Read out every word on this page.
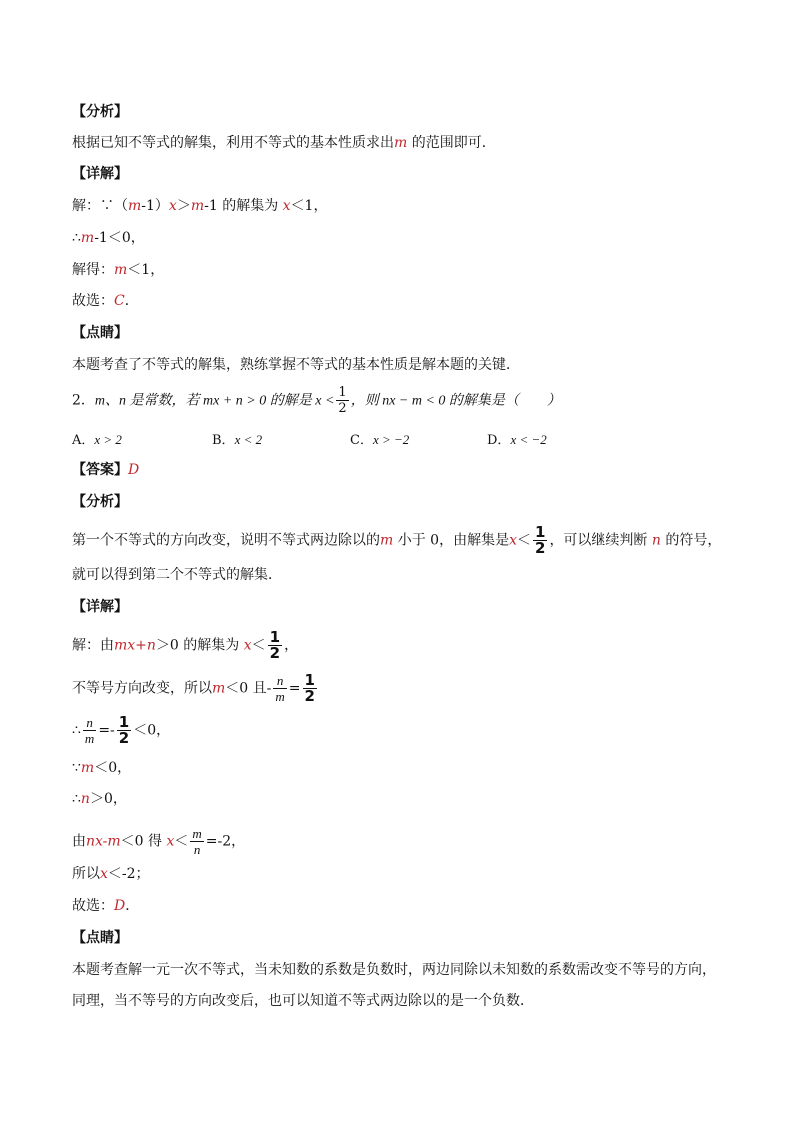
【分析】
根据已知不等式的解集，利用不等式的基本性质求出m 的范围即可．
【详解】
解：∵（m-1）x＞m-1 的解集为 x＜1，
∴m-1＜0，
解得：m＜1，
故选：C．
【点睛】
本题考查了不等式的解集，熟练掌握不等式的基本性质是解本题的关键．
2．m、n 是常数，若 mx + n > 0 的解是 $x < \frac{1}{2}$ ，则 nx − m < 0 的解集是（　　）
A．x > 2	B．x < 2	C．x > −2	D．x < −2
【答案】D
【分析】
第一个不等式的方向改变，说明不等式两边除以的m 小于 0，由解集是$x< \frac{1}{2}$ ，可以继续判断 n 的符号，
就可以得到第二个不等式的解集．
【详解】
解：由mx+n＞0 的解集为 $x< \frac{1}{2}$ ，
不等号方向改变，所以m＜0 且- $\frac{n}{m} = \frac{1}{2}$
∴ $\frac{n}{m} =- \frac{1}{2} <0$，
∵m＜0，
∴n＞0，
由nx-m＜0 得 $x< \frac{m}{n} =-2$，
所以x＜-2；
故选：D．
【点睛】
本题考查解一元一次不等式，当未知数的系数是负数时，两边同除以未知数的系数需改变不等号的方向，
同理，当不等号的方向改变后，也可以知道不等式两边除以的是一个负数．
